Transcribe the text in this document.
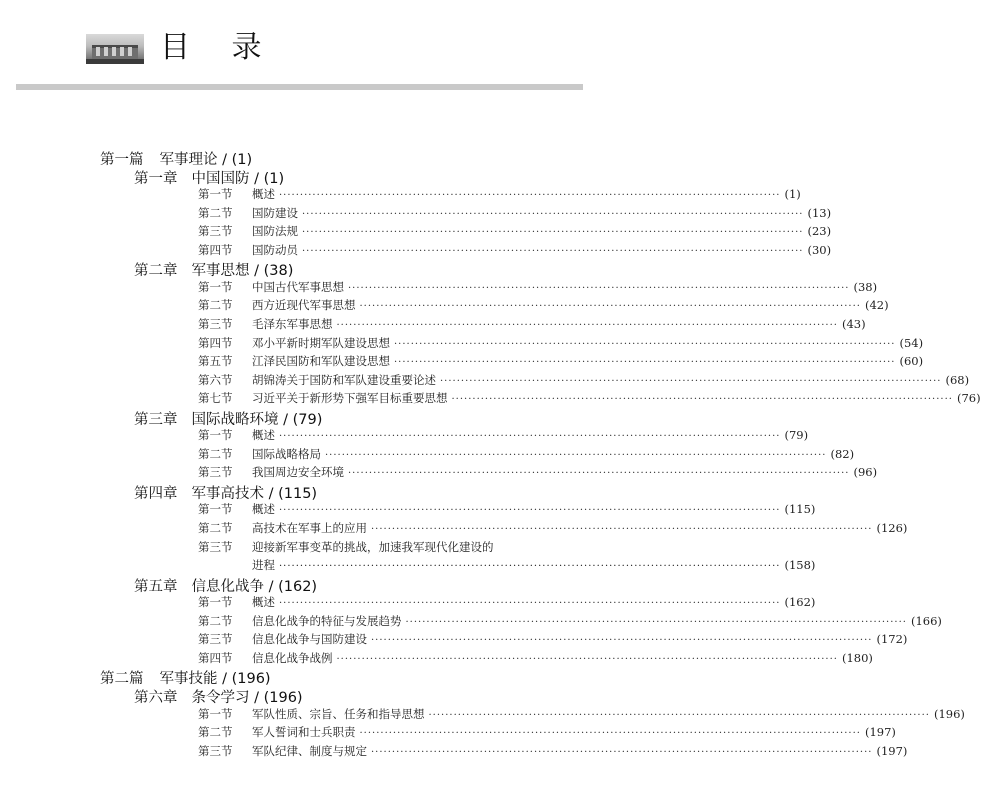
目 录
第一篇 军事理论 / (1)
第一章 中国国防 / (1)
第一节	概述 ························································································································ (1)
第二节	国防建设 ························································································································ (13)
第三节	国防法规 ························································································································ (23)
第四节	国防动员 ························································································································ (30)
第二章 军事思想 / (38)
第一节	中国古代军事思想 ························································································································ (38)
第二节	西方近现代军事思想 ························································································································ (42)
第三节	毛泽东军事思想 ························································································································ (43)
第四节	邓小平新时期军队建设思想 ························································································································ (54)
第五节	江泽民国防和军队建设思想 ························································································································ (60)
第六节	胡锦涛关于国防和军队建设重要论述 ························································································································ (68)
第七节	习近平关于新形势下强军目标重要思想 ························································································································ (76)
第三章 国际战略环境 / (79)
第一节	概述 ························································································································ (79)
第二节	国际战略格局 ························································································································ (82)
第三节	我国周边安全环境 ························································································································ (96)
第四章 军事高技术 / (115)
第一节	概述 ························································································································ (115)
第二节	高技术在军事上的应用 ························································································································ (126)
第三节	迎接新军事变革的挑战，加速我军现代化建设的
进程 ························································································································ (158)
第五章 信息化战争 / (162)
第一节	概述 ························································································································ (162)
第二节	信息化战争的特征与发展趋势 ························································································································ (166)
第三节	信息化战争与国防建设 ························································································································ (172)
第四节	信息化战争战例 ························································································································ (180)
第二篇 军事技能 / (196)
第六章 条令学习 / (196)
第一节	军队性质、宗旨、任务和指导思想 ························································································································ (196)
第二节	军人誓词和士兵职责 ························································································································ (197)
第三节	军队纪律、制度与规定 ························································································································ (197)
